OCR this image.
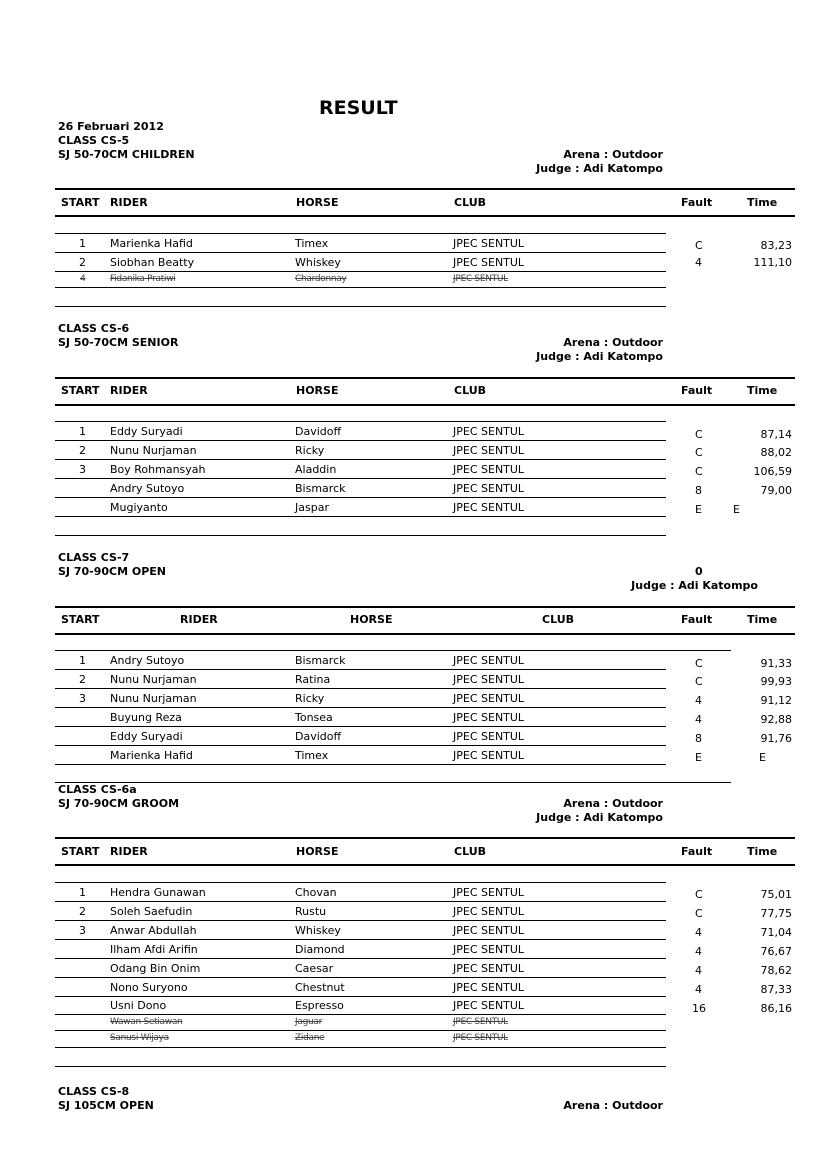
RESULT
26 Februari 2012
CLASS CS-5
SJ 50-70CM CHILDREN	Arena : Outdoor
Judge : Adi Katompo
START RIDER	HORSE	CLUB	Fault	Time
1 Marienka Hafid	Timex	JPEC SENTUL	C	83,23
2 Siobhan Beatty	Whiskey	JPEC SENTUL	4	111,10
4	Fidanika Pratiwi	Chardonnay	JPEC SENTUL
CLASS CS-6
SJ 50-70CM SENIOR	Arena : Outdoor
Judge : Adi Katompo
START RIDER	HORSE	CLUB	Fault	Time
1 Eddy Suryadi	Davidoff	JPEC SENTUL	C	87,14
2 Nunu Nurjaman	Ricky	JPEC SENTUL	C	88,02
3 Boy Rohmansyah	Aladdin	JPEC SENTUL	C	106,59
Andry Sutoyo	Bismarck	JPEC SENTUL	8	79,00
Mugiyanto	Jaspar	JPEC SENTUL	E	E
CLASS CS-7
SJ 70-90CM OPEN	0
Judge : Adi Katompo
START	RIDER	HORSE	CLUB	Fault	Time
1 Andry Sutoyo	Bismarck	JPEC SENTUL	C	91,33
2 Nunu Nurjaman	Ratina	JPEC SENTUL	C	99,93
3 Nunu Nurjaman	Ricky	JPEC SENTUL	4	91,12
Buyung Reza	Tonsea	JPEC SENTUL	4	92,88
Eddy Suryadi	Davidoff	JPEC SENTUL	8	91,76
Marienka Hafid	Timex	JPEC SENTUL	E	E
CLASS CS-6a
SJ 70-90CM GROOM	Arena : Outdoor
Judge : Adi Katompo
START RIDER	HORSE	CLUB	Fault	Time
1 Hendra Gunawan	Chovan	JPEC SENTUL	C	75,01
2 Soleh Saefudin	Rustu	JPEC SENTUL	C	77,75
3 Anwar Abdullah	Whiskey	JPEC SENTUL	4	71,04
Ilham Afdi Arifin	Diamond	JPEC SENTUL	4	76,67
Odang Bin Onim	Caesar	JPEC SENTUL	4	78,62
Nono Suryono	Chestnut	JPEC SENTUL	4	87,33
Usni Dono	Espresso	JPEC SENTUL	16	86,16
Wawan Setiawan	Jaguar	JPEC SENTUL
Sanusi Wijaya	Zidane	JPEC SENTUL
CLASS CS-8
SJ 105CM OPEN	Arena : Outdoor
